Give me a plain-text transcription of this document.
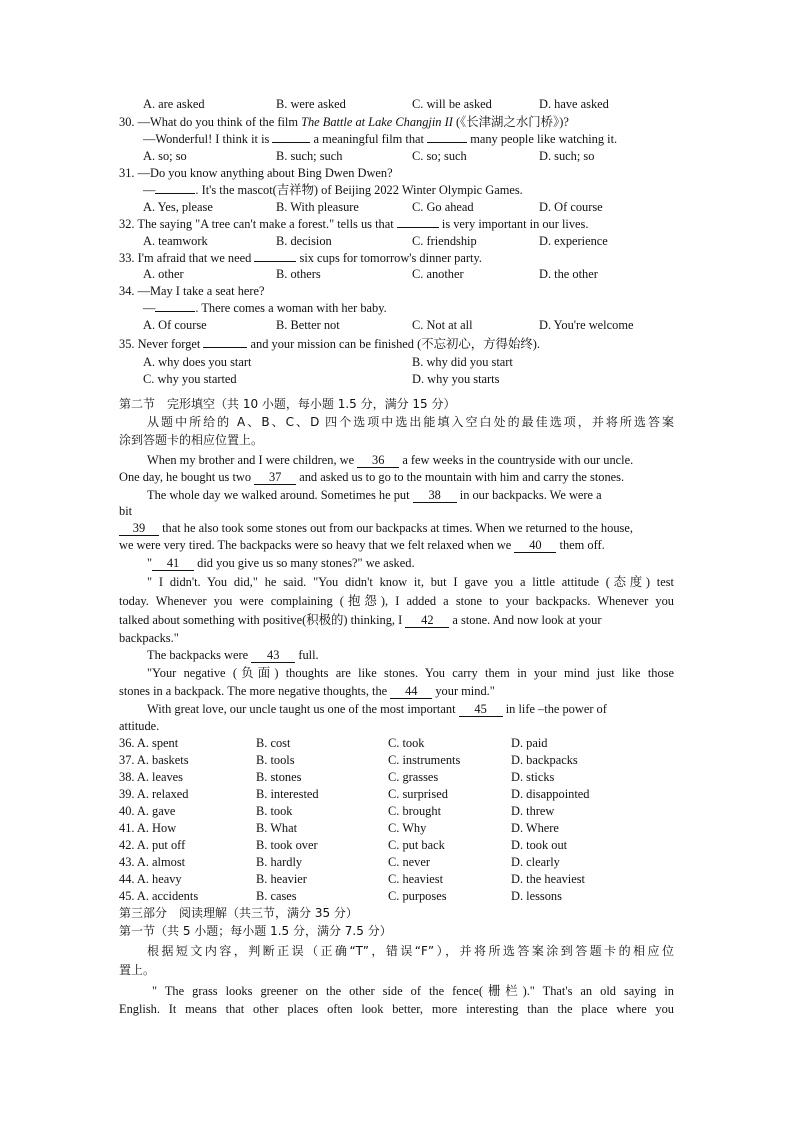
A. are asked	B. were asked	C. will be asked	D. have asked
30. —What do you think of the film The Battle at Lake Changjin II (《长津湖之水门桥》)?
—Wonderful! I think it is	a meaningful film that	many people like watching it.
A. so; so	B. such; such	C. so; such	D. such; so
31. —Do you know anything about Bing Dwen Dwen?
—	. It's the mascot(吉祥物) of Beijing 2022 Winter Olympic Games.
A. Yes, please	B. With pleasure	C. Go ahead	D. Of course
32. The saying "A tree can't make a forest." tells us that	is very important in our lives.
A. teamwork	B. decision	C. friendship	D. experience
33. I'm afraid that we need	six cups for tomorrow's dinner party.
A. other	B. others	C. another	D. the other
34. —May I take a seat here?
—	. There comes a woman with her baby.
A. Of course	B. Better not	C. Not at all	D. You're welcome
35. Never forget	and your mission can be finished (不忘初心，方得始终).
A. why does you start	B. why did you start
C. why you started	D. why you starts
第二节　完形填空（共 10 小题，每小题 1.5 分，满分 15 分）
从题中所给的 A、B、C、D 四个选项中选出能填入空白处的最佳选项，并将所选答案
涂到答题卡的相应位置上。
When my brother and I were children, we 36 a few weeks in the countryside with our uncle.
One day, he bought us two 37 and asked us to go to the mountain with him and carry the stones.
The whole day we walked around. Sometimes he put 38 in our backpacks. We were a
bit
39 that he also took some stones out from our backpacks at times. When we returned to the house,
we were very tired. The backpacks were so heavy that we felt relaxed when we 40 them off.
" 41 did you give us so many stones?" we asked.
" I didn't. You did," he said. "You didn't know it, but I gave you a little attitude (态度) test
today. Whenever you were complaining (抱怨), I added a stone to your backpacks. Whenever you
talked about something with positive(积极的) thinking, I 42 a stone. And now look at your
backpacks."
The backpacks were 43 full.
"Your negative (负面) thoughts are like stones. You carry them in your mind just like those
stones in a backpack. The more negative thoughts, the 44 your mind."
With great love, our uncle taught us one of the most important 45 in life –the power of
attitude.
36. A. spent	B. cost	C. took	D. paid
37. A. baskets	B. tools	C. instruments	D. backpacks
38. A. leaves	B. stones	C. grasses	D. sticks
39. A. relaxed	B. interested	C. surprised	D. disappointed
40. A. gave	B. took	C. brought	D. threw
41. A. How	B. What	C. Why	D. Where
42. A. put off	B. took over	C. put back	D. took out
43. A. almost	B. hardly	C. never	D. clearly
44. A. heavy	B. heavier	C. heaviest	D. the heaviest
45. A. accidents	B. cases	C. purposes	D. lessons
第三部分　阅读理解（共三节，满分 35 分）
第一节（共 5 小题；每小题 1.5 分，满分 7.5 分）
根据短文内容，判断正误（正确“T”，错误“F”），并将所选答案涂到答题卡的相应位
置上。
" The grass looks greener on the other side of the fence(栅栏)." That's an old saying in
English. It means that other places often look better, more interesting than the place where you
